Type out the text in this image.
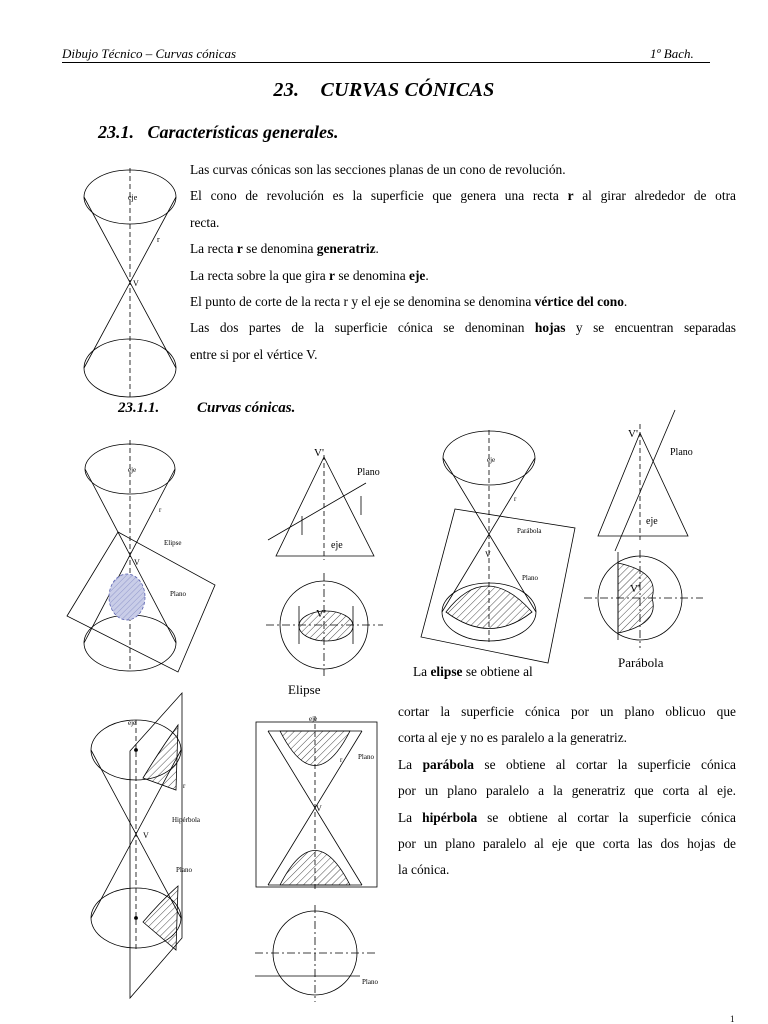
eje
r
V
eje
r
V
Elipse
Plano
V'
Plano
eje
V'
eje
r
V
Parábola
Plano
V'
Plano
eje
V'
eje
r
V
Hipérbola
Plano
eje
Plano
r
V
Plano
Dibujo Técnico – Curvas cónicas	1º Bach.
23.    CURVAS CÓNICAS
23.1. Características generales.
Las curvas cónicas son las secciones planas de un cono de revolución.
El cono de revolución es la superficie que genera una recta r al girar alrededor de otra
recta.
La recta r se denomina generatriz.
La recta sobre la que gira r se denomina eje.
El punto de corte de la recta r y el eje se denomina se denomina vértice del cono.
Las dos partes de la superficie cónica se denominan hojas y se encuentran separadas
entre si por el vértice V.
23.1.1.	Curvas cónicas.
La elipse se obtiene al
Elipse
Parábola
cortar la superficie cónica por un plano oblicuo que
corta al eje y no es paralelo a la generatriz.
La parábola se obtiene al cortar la superficie cónica
por un plano paralelo a la generatriz que corta al eje.
La hipérbola se obtiene al cortar la superficie cónica
por un plano paralelo al eje que corta las dos hojas de
la cónica.
1
